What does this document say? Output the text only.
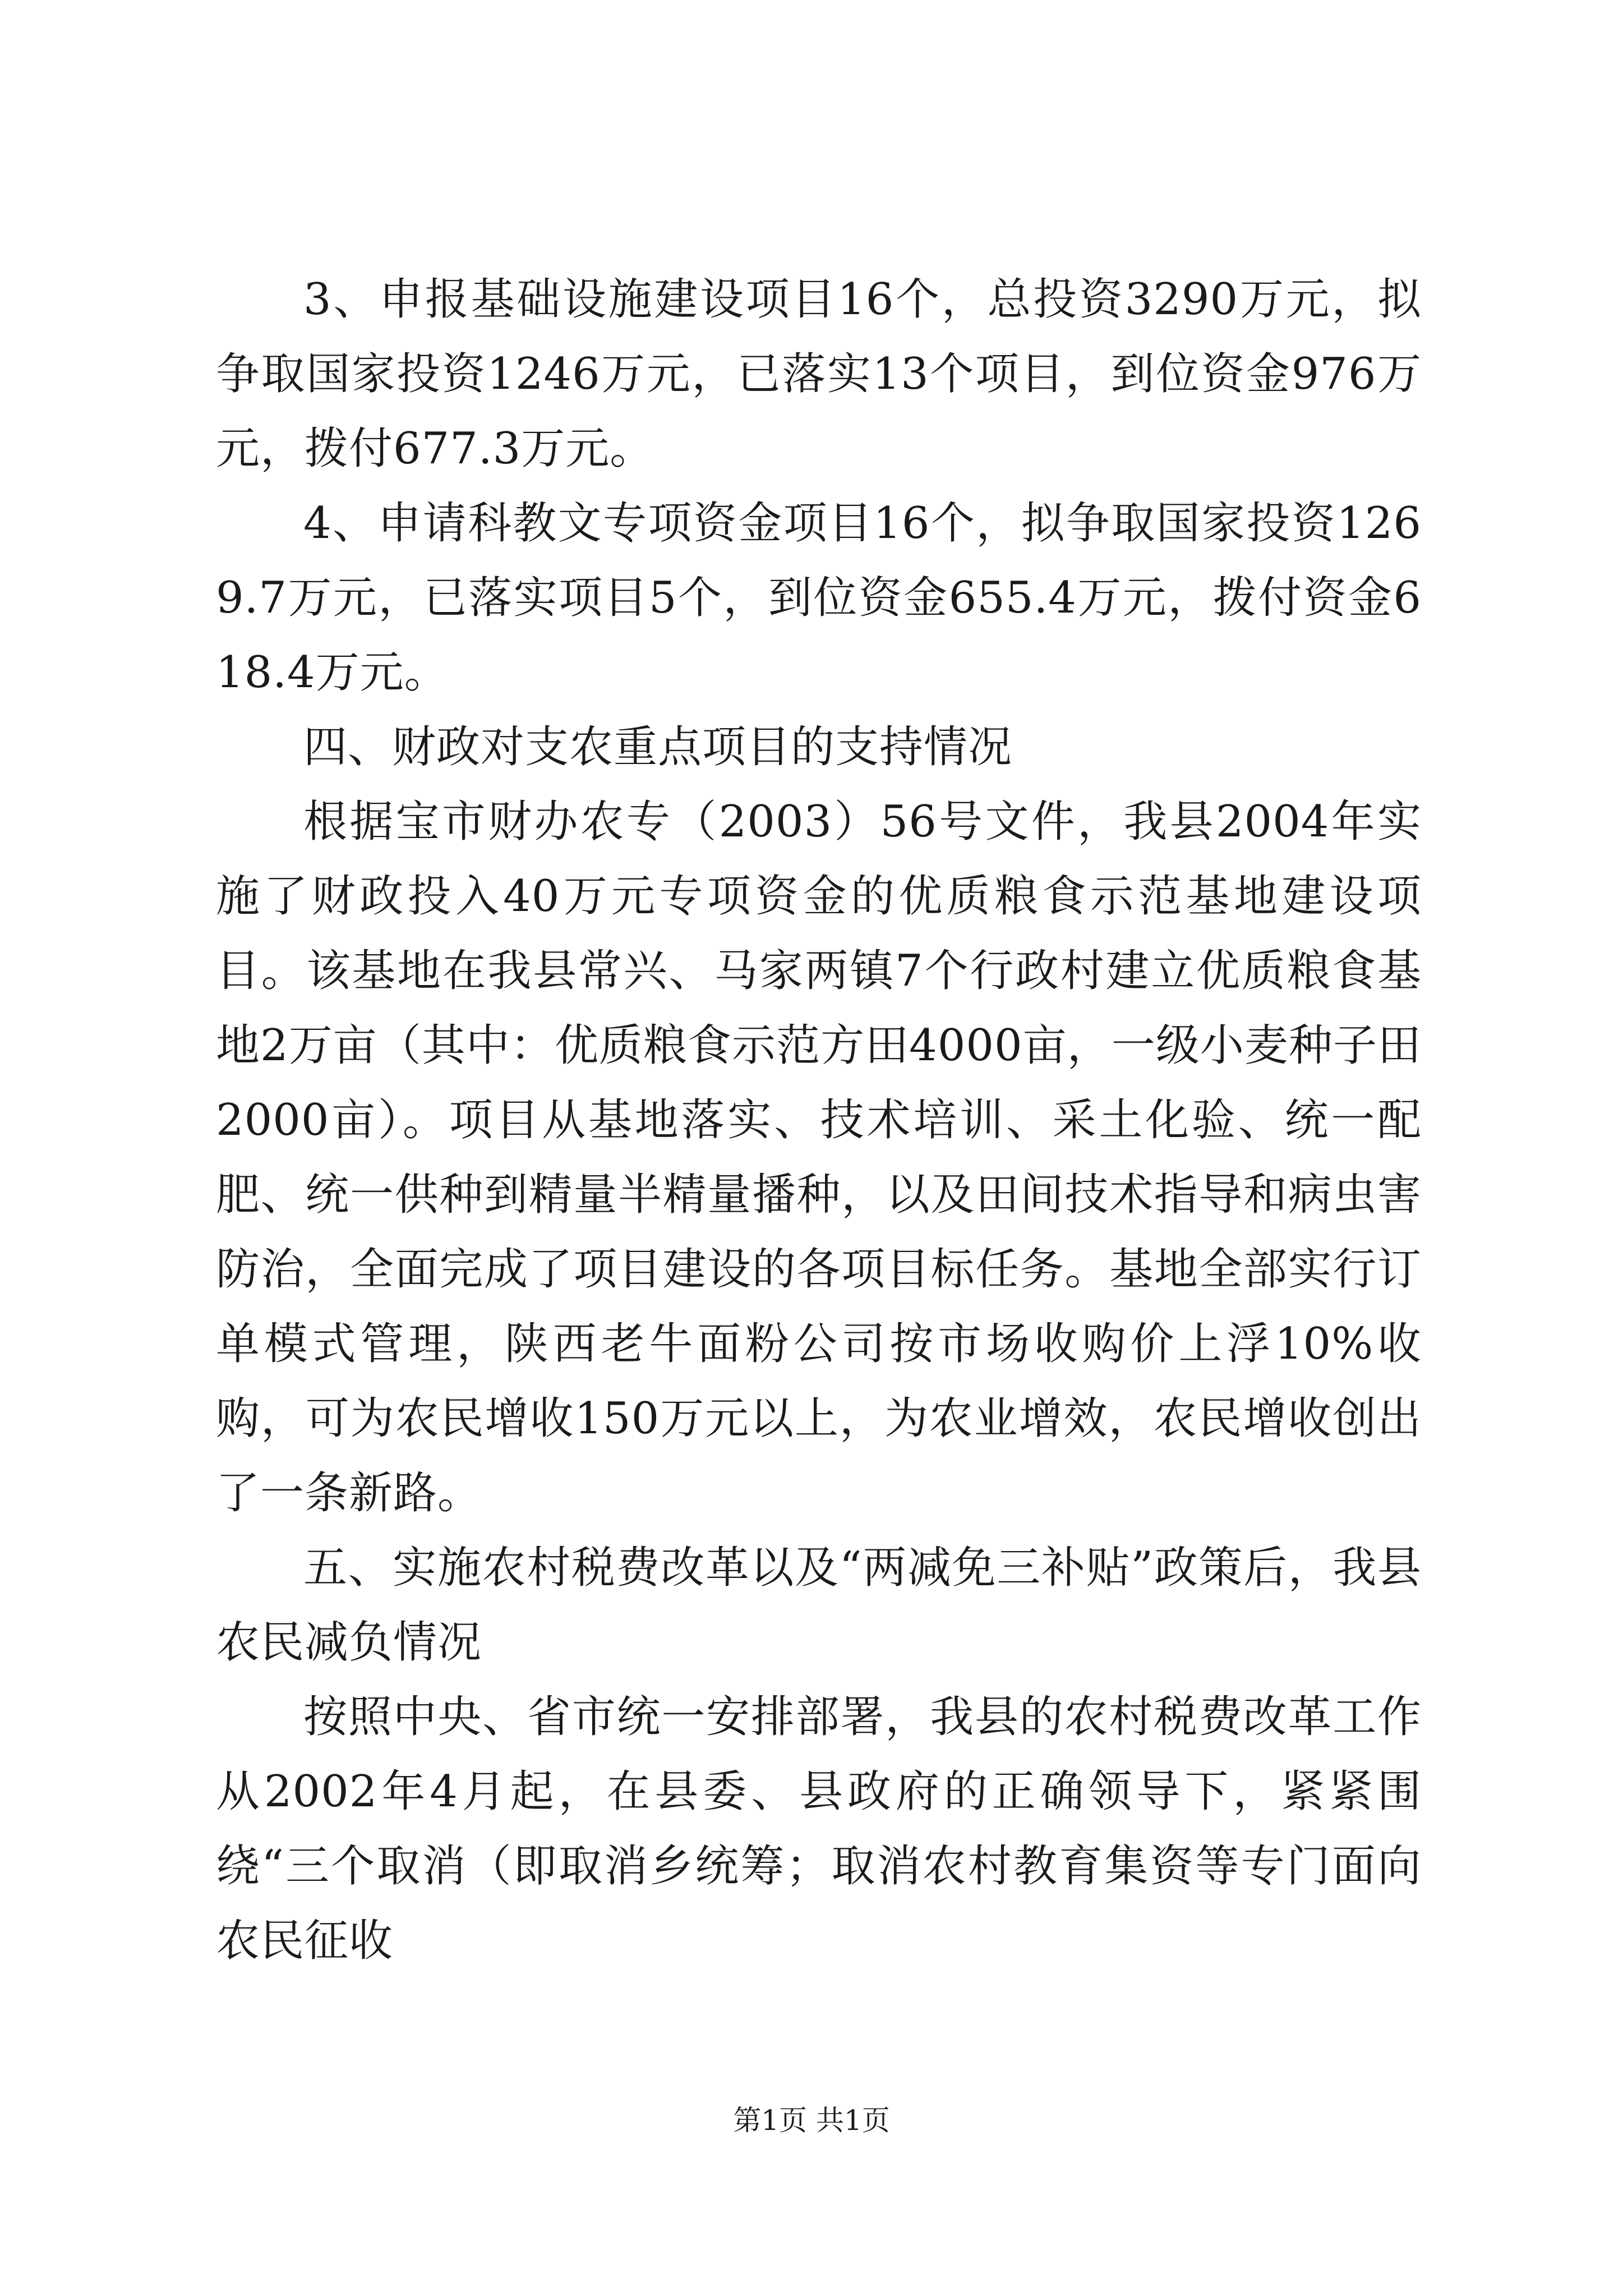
3、申报基础设施建设项目16个，总投资3290万元，拟争取国家投资1246万元，已落实13个项目，到位资金976万元，拨付677.3万元。

4、申请科教文专项资金项目16个，拟争取国家投资1269.7万元，已落实项目5个，到位资金655.4万元，拨付资金618.4万元。

四、财政对支农重点项目的支持情况

根据宝市财办农专（2003）56号文件，我县2004年实施了财政投入40万元专项资金的优质粮食示范基地建设项目。该基地在我县常兴、马家两镇7个行政村建立优质粮食基地2万亩（其中：优质粮食示范方田4000亩，一级小麦种子田2000亩）。项目从基地落实、技术培训、采土化验、统一配肥、统一供种到精量半精量播种，以及田间技术指导和病虫害防治，全面完成了项目建设的各项目标任务。基地全部实行订单模式管理，陕西老牛面粉公司按市场收购价上浮10%收购，可为农民增收150万元以上，为农业增效，农民增收创出了一条新路。

五、实施农村税费改革以及“两减免三补贴”政策后，我县农民减负情况

按照中央、省市统一安排部署，我县的农村税费改革工作从2002年4月起，在县委、县政府的正确领导下，紧紧围绕“三个取消（即取消乡统筹；取消农村教育集资等专门面向农民征收

第1页 共1页
